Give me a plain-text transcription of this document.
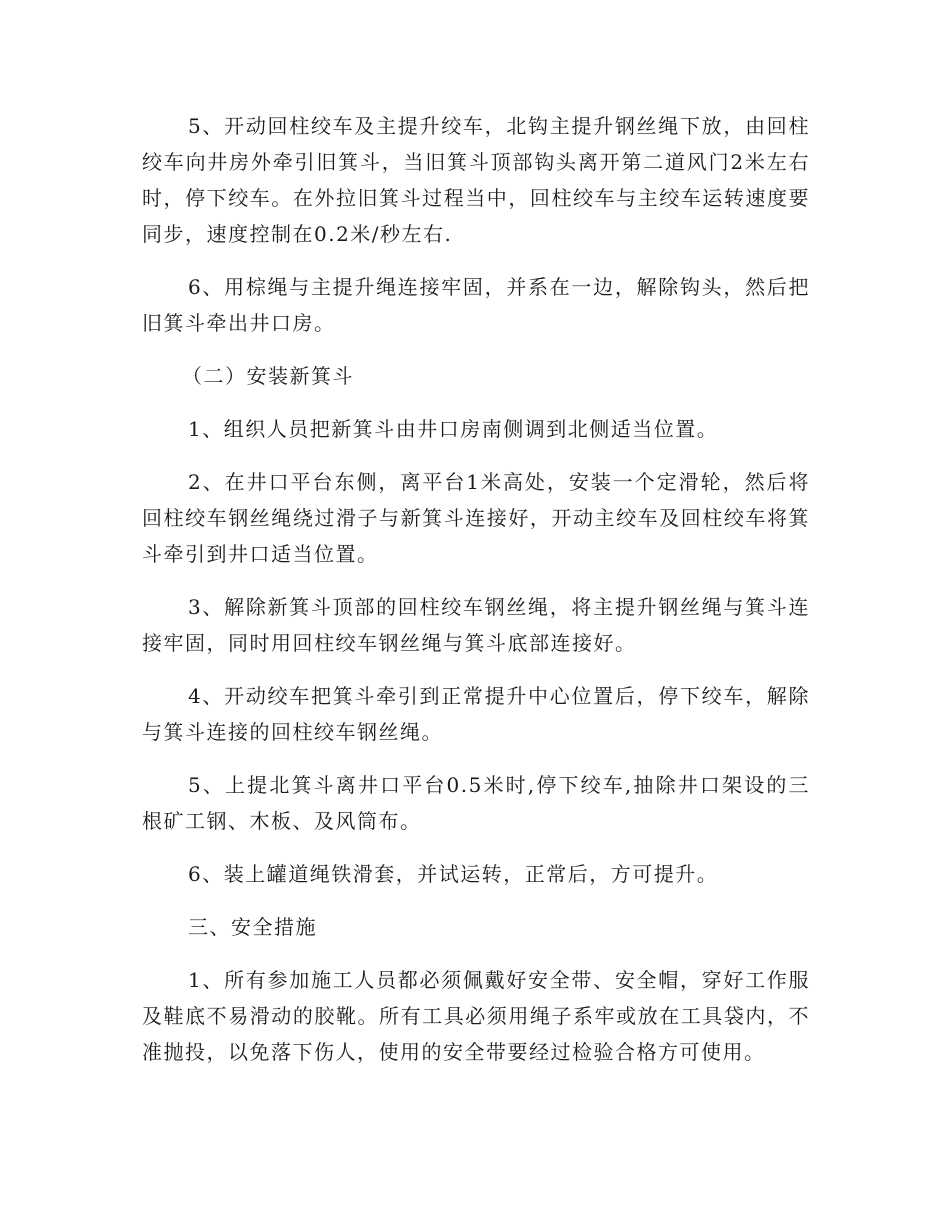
5、开动回柱绞车及主提升绞车，北钩主提升钢丝绳下放，由回柱绞车向井房外牵引旧箕斗，当旧箕斗顶部钩头离开第二道风门2米左右时，停下绞车。在外拉旧箕斗过程当中，回柱绞车与主绞车运转速度要同步，速度控制在0.2米/秒左右.

6、用棕绳与主提升绳连接牢固，并系在一边，解除钩头，然后把旧箕斗牵出井口房。

（二）安装新箕斗

1、组织人员把新箕斗由井口房南侧调到北侧适当位置。

2、在井口平台东侧，离平台1米高处，安装一个定滑轮，然后将回柱绞车钢丝绳绕过滑子与新箕斗连接好，开动主绞车及回柱绞车将箕斗牵引到井口适当位置。

3、解除新箕斗顶部的回柱绞车钢丝绳，将主提升钢丝绳与箕斗连接牢固，同时用回柱绞车钢丝绳与箕斗底部连接好。

4、开动绞车把箕斗牵引到正常提升中心位置后，停下绞车，解除与箕斗连接的回柱绞车钢丝绳。

5、上提北箕斗离井口平台0.5米时,停下绞车,抽除井口架设的三根矿工钢、木板、及风筒布。

6、装上罐道绳铁滑套，并试运转，正常后，方可提升。

三、安全措施

1、所有参加施工人员都必须佩戴好安全带、安全帽，穿好工作服及鞋底不易滑动的胶靴。所有工具必须用绳子系牢或放在工具袋内，不准抛投，以免落下伤人，使用的安全带要经过检验合格方可使用。
